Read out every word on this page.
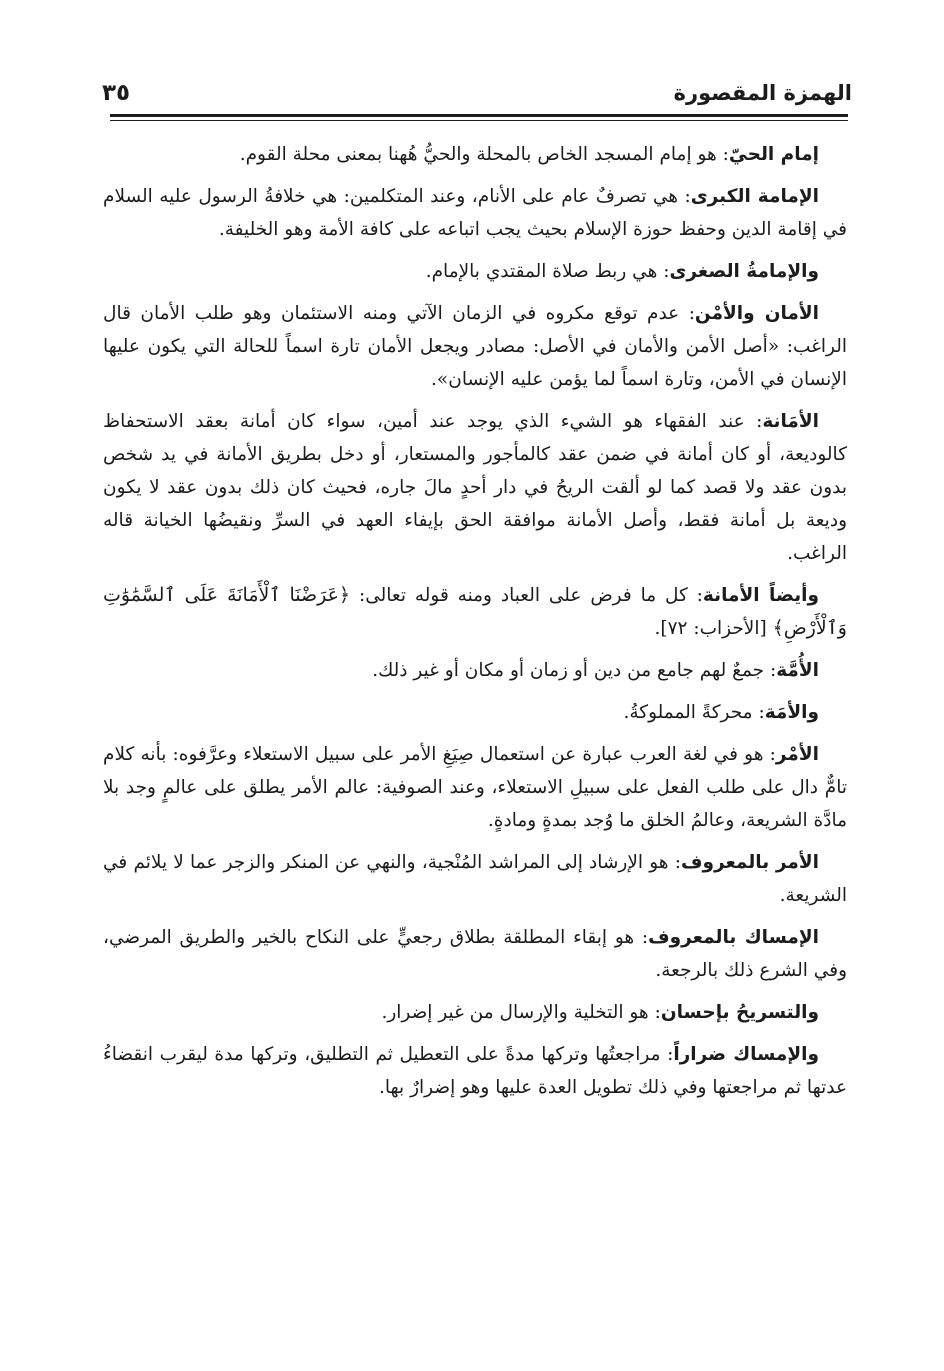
الهمزة المقصورة
٣٥

إمام الحيّ: هو إمام المسجد الخاص بالمحلة والحيُّ هُهنا بمعنى محلة القوم.

الإمامة الكبرى: هي تصرفٌ عام على الأنام، وعند المتكلمين: هي خلافةُ الرسول عليه السلام في إقامة الدين وحفظ حوزة الإسلام بحيث يجب اتباعه على كافة الأمة وهو الخليفة.

والإمامةُ الصغرى: هي ربط صلاة المقتدي بالإمام.

الأمان والأمْن: عدم توقع مكروه في الزمان الآتي ومنه الاستئمان وهو طلب الأمان قال الراغب: «أصل الأمن والأمان في الأصل: مصادر ويجعل الأمان تارة اسماً للحالة التي يكون عليها الإنسان في الأمن، وتارة اسماً لما يؤمن عليه الإنسان».

الأمَانة: عند الفقهاء هو الشيء الذي يوجد عند أمين، سواء كان أمانة بعقد الاستحفاظ كالوديعة، أو كان أمانة في ضمن عقد كالمأجور والمستعار، أو دخل بطريق الأمانة في يد شخص بدون عقد ولا قصد كما لو ألقت الريحُ في دار أحدٍ مالَ جاره، فحيث كان ذلك بدون عقد لا يكون وديعة بل أمانة فقط، وأصل الأمانة موافقة الحق بإيفاء العهد في السرِّ ونقيضُها الخيانة قاله الراغب.

وأيضاً الأمانة: كل ما فرض على العباد ومنه قوله تعالى: ﴿عَرَضْنَا ٱلْأَمَانَةَ عَلَى ٱلسَّمَٰوَٰتِ وَٱلْأَرْضِ﴾ [الأحزاب: ٧٢].

الأُمَّة: جمعٌ لهم جامع من دين أو زمان أو مكان أو غير ذلك.

والأمَة: محركةً المملوكةُ.

الأمْر: هو في لغة العرب عبارة عن استعمال صِيَغِ الأمر على سبيل الاستعلاء وعرَّفوه: بأنه كلام تامٌّ دال على طلب الفعل على سبيلِ الاستعلاء، وعند الصوفية: عالم الأمر يطلق على عالمٍ وجد بلا مادَّة الشريعة، وعالمُ الخلق ما وُجد بمدةٍ ومادةٍ.

الأمر بالمعروف: هو الإرشاد إلى المراشد المُنْجية، والنهي عن المنكر والزجر عما لا يلائم في الشريعة.

الإمساك بالمعروف: هو إبقاء المطلقة بطلاق رجعيٍّ على النكاح بالخير والطريق المرضي، وفي الشرع ذلك بالرجعة.

والتسريحُ بإحسان: هو التخلية والإرسال من غير إضرار.

والإمساك ضراراً: مراجعتُها وتركها مدةً على التعطيل ثم التطليق، وتركها مدة ليقرب انقضاءُ عدتها ثم مراجعتها وفي ذلك تطويل العدة عليها وهو إضرارٌ بها.
